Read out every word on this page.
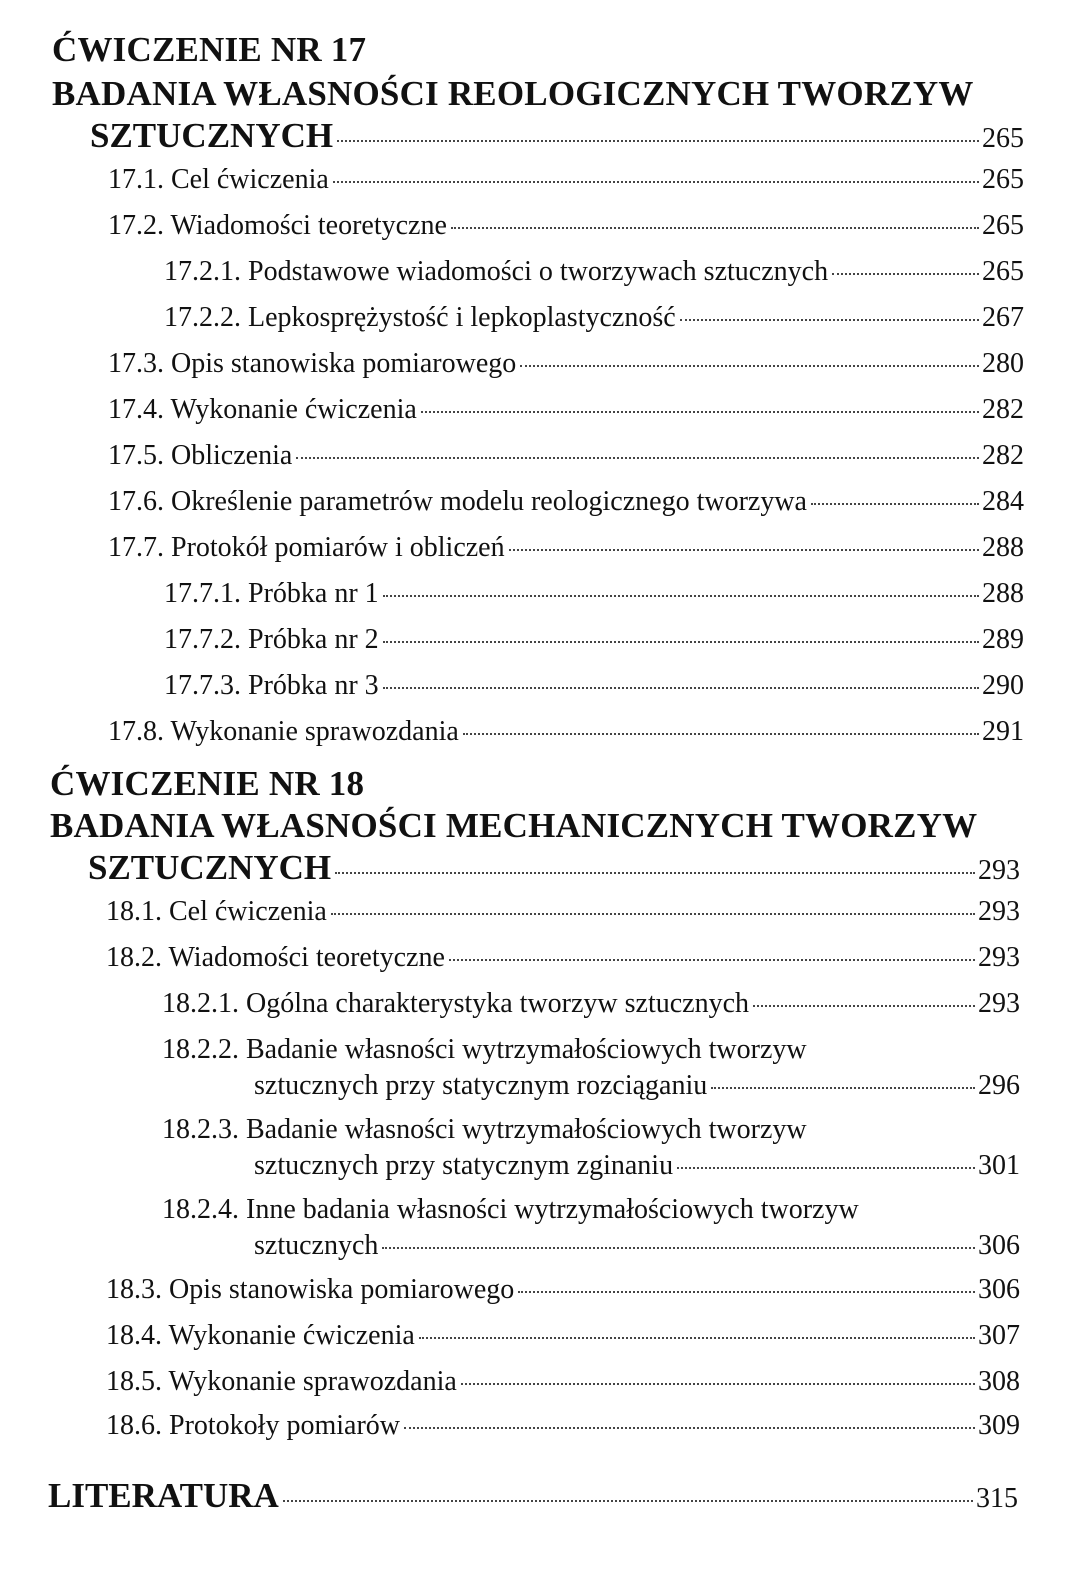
ĆWICZENIE NR 17
BADANIA WŁASNOŚCI REOLOGICZNYCH TWORZYW
SZTUCZNYCH	265
17.1. Cel ćwiczenia	265
17.2. Wiadomości teoretyczne	265
17.2.1. Podstawowe wiadomości o tworzywach sztucznych	265
17.2.2. Lepkosprężystość i lepkoplastyczność	267
17.3. Opis stanowiska pomiarowego	280
17.4. Wykonanie ćwiczenia	282
17.5. Obliczenia	282
17.6. Określenie parametrów modelu reologicznego tworzywa	284
17.7. Protokół pomiarów i obliczeń	288
17.7.1. Próbka nr 1	288
17.7.2. Próbka nr 2	289
17.7.3. Próbka nr 3	290
17.8. Wykonanie sprawozdania	291
ĆWICZENIE NR 18
BADANIA WŁASNOŚCI MECHANICZNYCH TWORZYW
SZTUCZNYCH	293
18.1. Cel ćwiczenia	293
18.2. Wiadomości teoretyczne	293
18.2.1. Ogólna charakterystyka tworzyw sztucznych	293
18.2.2. Badanie własności wytrzymałościowych tworzyw
sztucznych przy statycznym rozciąganiu	296
18.2.3. Badanie własności wytrzymałościowych tworzyw
sztucznych przy statycznym zginaniu	301
18.2.4. Inne badania własności wytrzymałościowych tworzyw
sztucznych	306
18.3. Opis stanowiska pomiarowego	306
18.4. Wykonanie ćwiczenia	307
18.5. Wykonanie sprawozdania	308
18.6. Protokoły pomiarów	309
LITERATURA	315
